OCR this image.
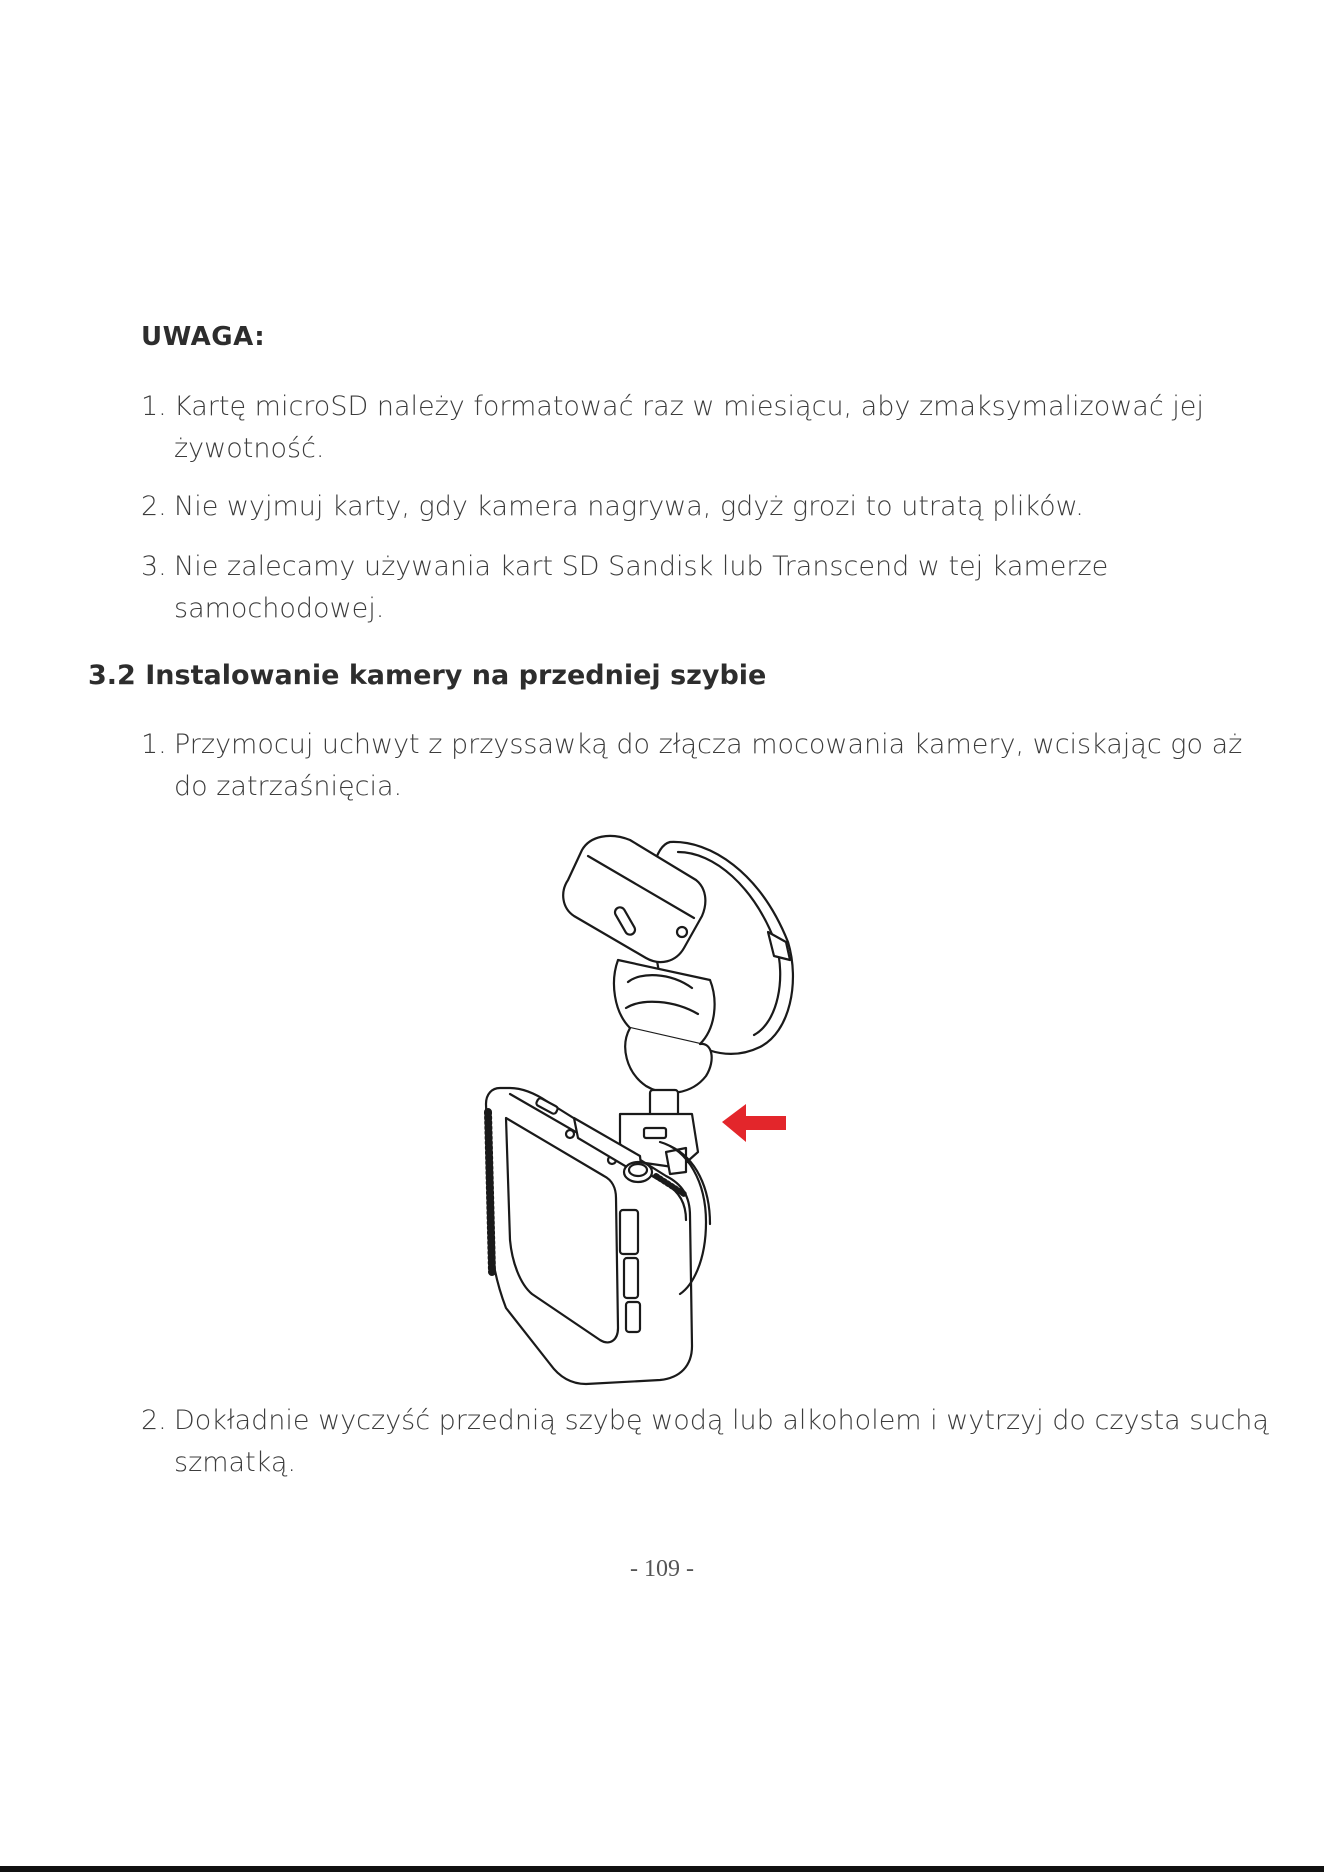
UWAGA:
1. Kartę microSD należy formatować raz w miesiącu, aby zmaksymalizować jej żywotność.
2. Nie wyjmuj karty, gdy kamera nagrywa, gdyż grozi to utratą plików.
3. Nie zalecamy używania kart SD Sandisk lub Transcend w tej kamerze samochodowej.
3.2 Instalowanie kamery na przedniej szybie
1. Przymocuj uchwyt z przyssawką do złącza mocowania kamery, wciskając go aż do zatrzaśnięcia.
2. Dokładnie wyczyść przednią szybę wodą lub alkoholem i wytrzyj do czysta suchą szmatką.
- 109 -
